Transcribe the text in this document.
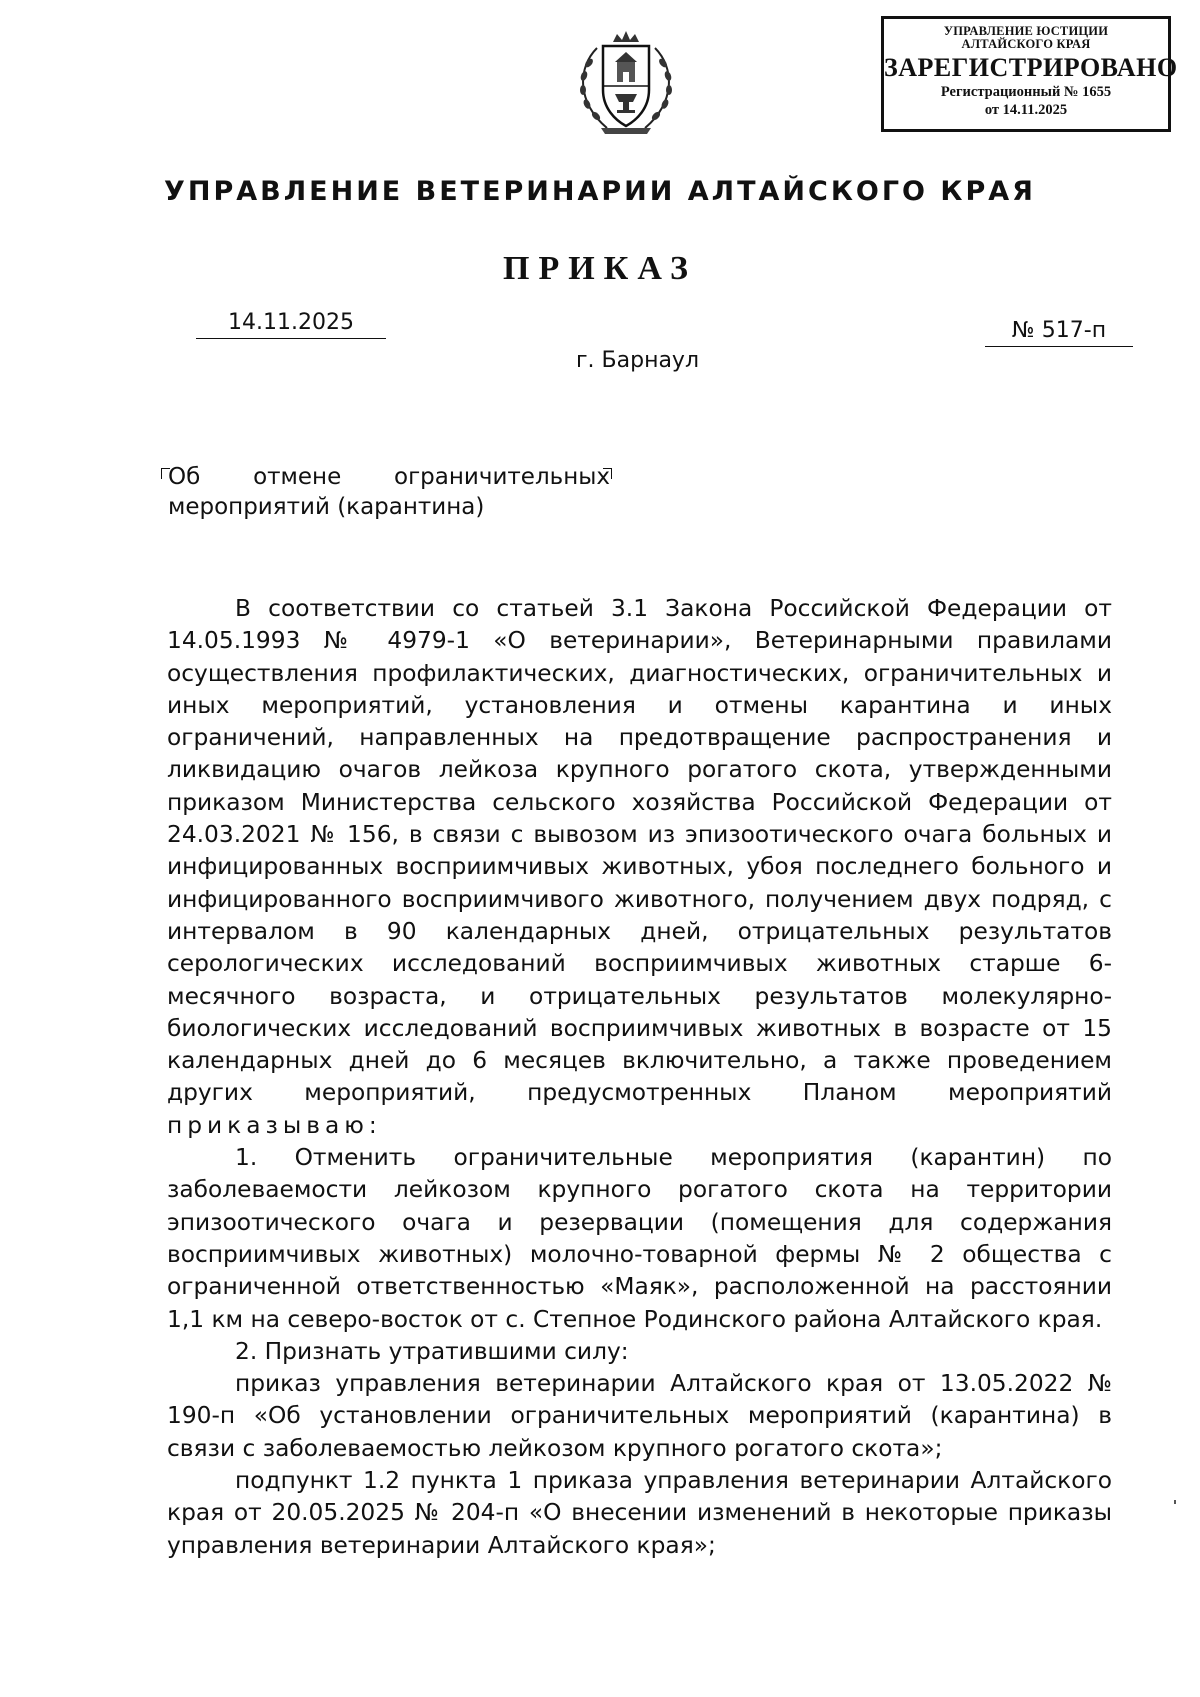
УПРАВЛЕНИЕ ЮСТИЦИИ
АЛТАЙСКОГО КРАЯ
ЗАРЕГИСТРИРОВАНО
Регистрационный № 1655
от 14.11.2025
УПРАВЛЕНИЕ ВЕТЕРИНАРИИ АЛТАЙСКОГО КРАЯ
ПРИКАЗ
14.11.2025	№ 517-п
г. Барнаул
Об отмене ограничительных
мероприятий (карантина)

В соответствии со статьей 3.1 Закона Российской Федерации от 14.05.1993 № 4979-1 «О ветеринарии», Ветеринарными правилами осуществления профилактических, диагностических, ограничительных и иных мероприятий, установления и отмены карантина и иных ограничений, направленных на предотвращение распространения и ликвидацию очагов лейкоза крупного рогатого скота, утвержденными приказом Министерства сельского хозяйства Российской Федерации от 24.03.2021 № 156, в связи с вывозом из эпизоотического очага больных и инфицированных восприимчивых животных, убоя последнего больного и инфицированного восприимчивого животного, получением двух подряд, с интервалом в 90 календарных дней, отрицательных результатов серологических исследований восприимчивых животных старше 6-месячного возраста, и отрицательных результатов молекулярно-биологических исследований восприимчивых животных в возрасте от 15 календарных дней до 6 месяцев включительно, а также проведением других мероприятий, предусмотренных Планом мероприятий приказываю:

1. Отменить ограничительные мероприятия (карантин) по заболеваемости лейкозом крупного рогатого скота на территории эпизоотического очага и резервации (помещения для содержания восприимчивых животных) молочно-товарной фермы № 2 общества с ограниченной ответственностью «Маяк», расположенной на расстоянии 1,1 км на северо-восток от с. Степное Родинского района Алтайского края.

2. Признать утратившими силу:

приказ управления ветеринарии Алтайского края от 13.05.2022 № 190-п «Об установлении ограничительных мероприятий (карантина) в связи с заболеваемостью лейкозом крупного рогатого скота»;

подпункт 1.2 пункта 1 приказа управления ветеринарии Алтайского края от 20.05.2025 № 204-п «О внесении изменений в некоторые приказы управления ветеринарии Алтайского края»;
